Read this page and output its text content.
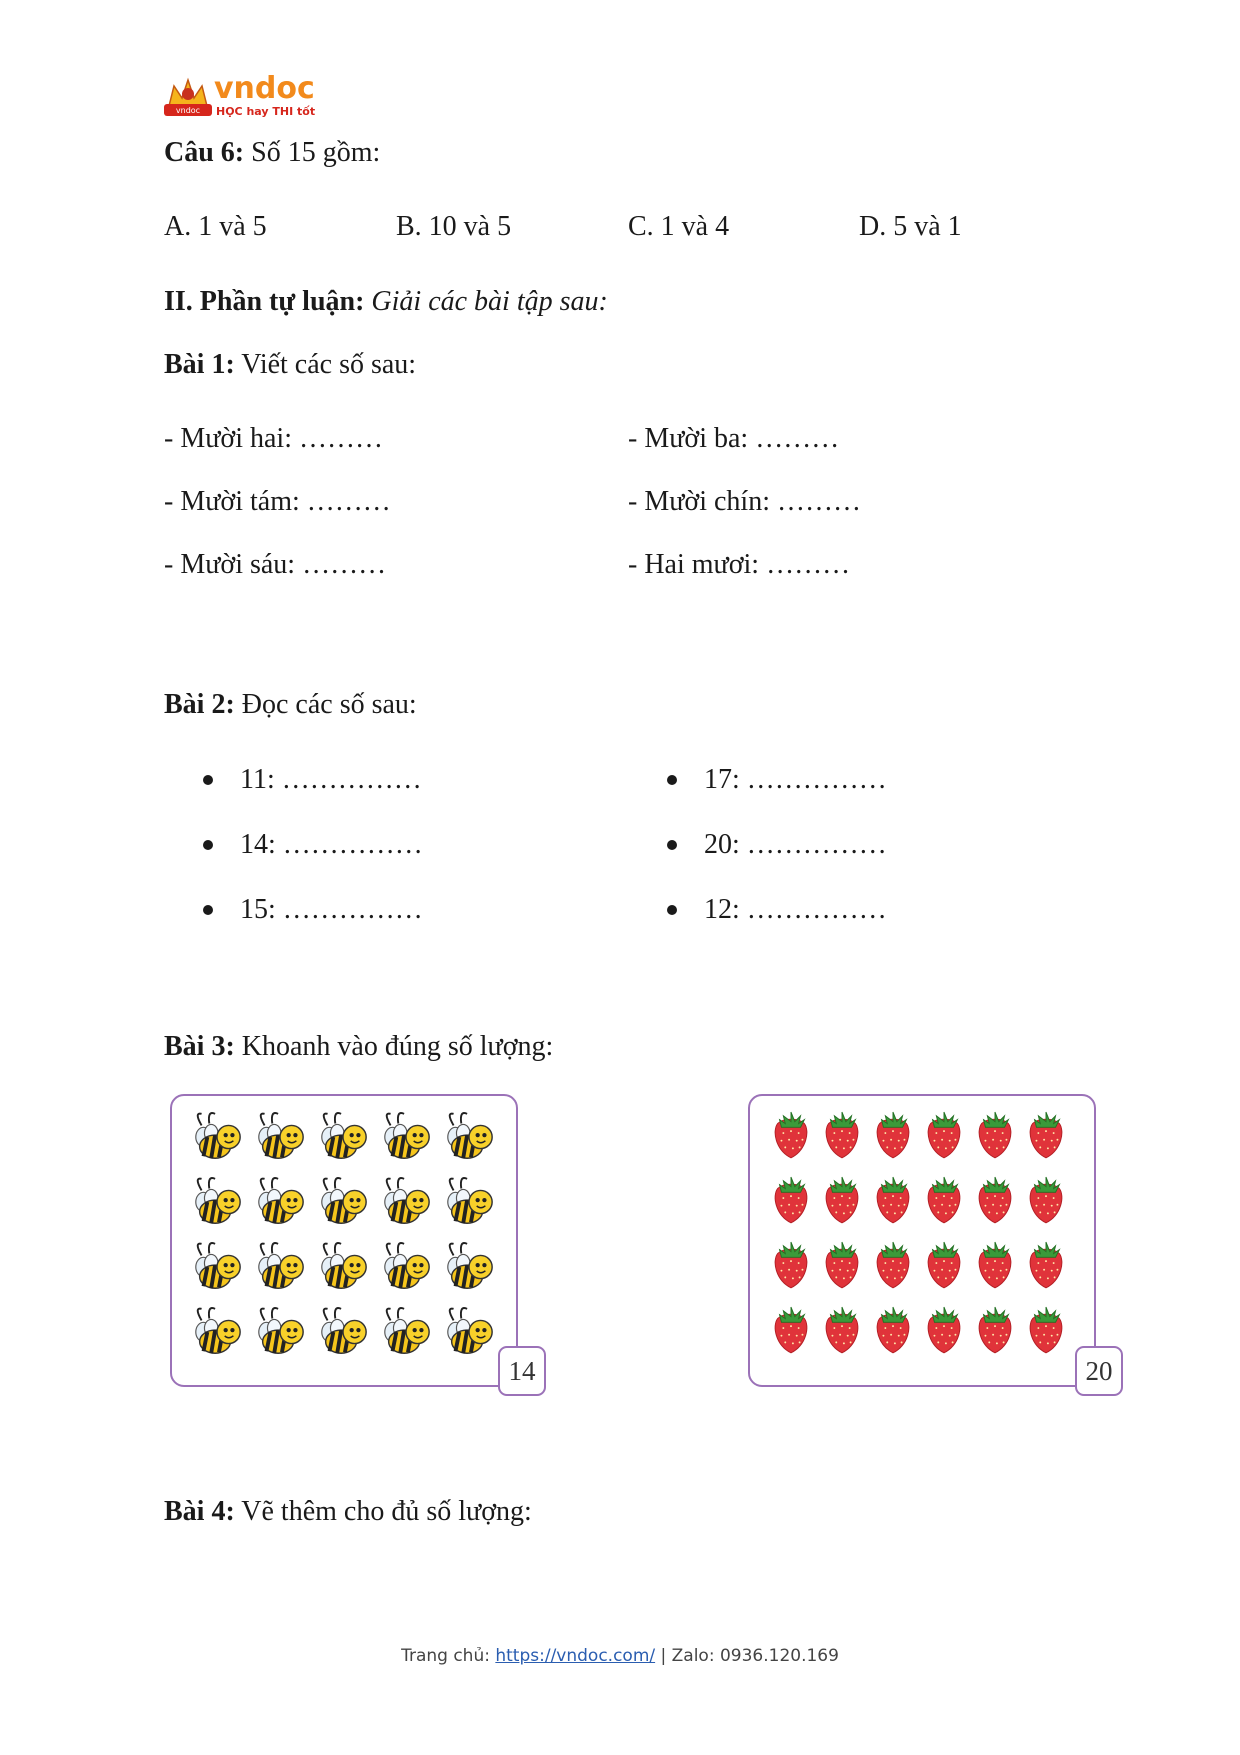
vndoc
vndoc
HỌC hay THI tốt
Câu 6: Số 15 gồm:
A. 1 và 5	B. 10 và 5	C. 1 và 4	D. 5 và 1
II. Phần tự luận: Giải các bài tập sau:
Bài 1: Viết các số sau:
- Mười hai: ………	- Mười ba: ………
- Mười tám: ………	- Mười chín: ………
- Mười sáu: ………	- Hai mươi: ………
Bài 2: Đọc các số sau:
11: ……………	17: ……………
14: ……………	20: ……………
15: ……………	12: ……………
Bài 3: Khoanh vào đúng số lượng:
14	20
Bài 4: Vẽ thêm cho đủ số lượng:
Trang chủ: https://vndoc.com/ | Zalo: 0936.120.169
